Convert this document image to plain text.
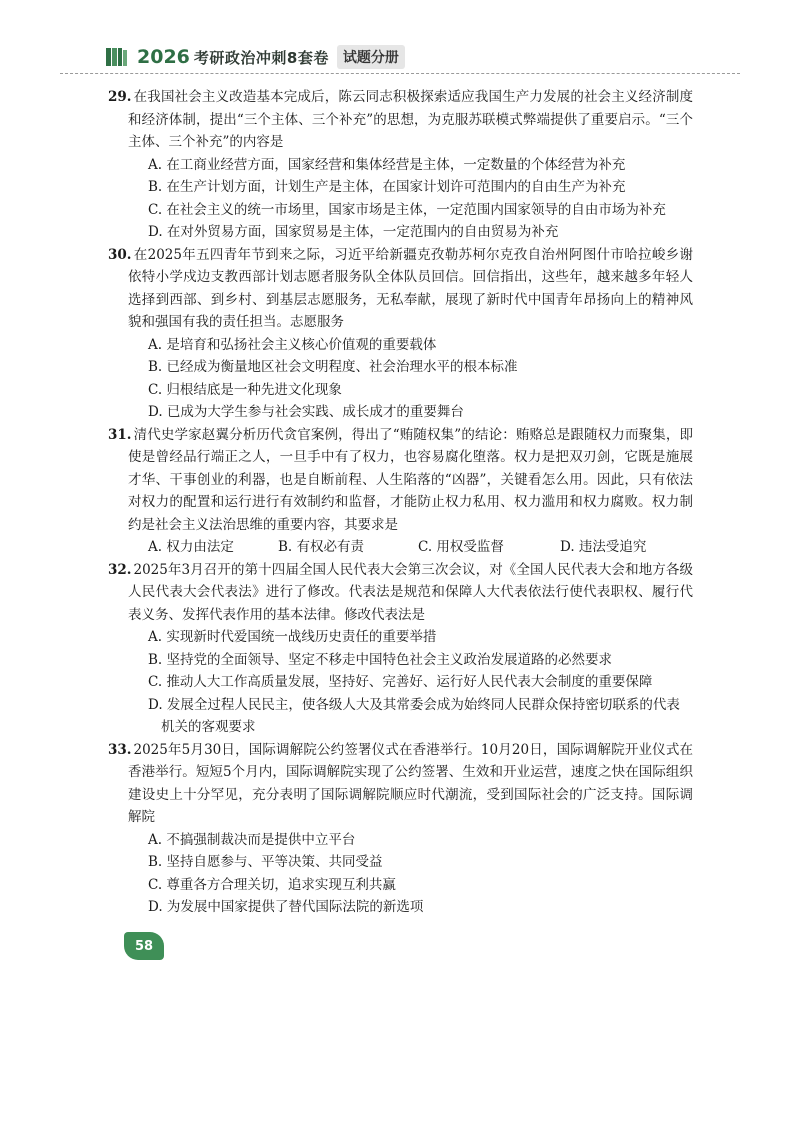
2026 考研政治冲刺8套卷	试题分册
29. 在我国社会主义改造基本完成后，陈云同志积极探索适应我国生产力发展的社会主义经济制度和经济体制，提出“三个主体、三个补充”的思想，为克服苏联模式弊端提供了重要启示。“三个主体、三个补充”的内容是
A. 在工商业经营方面，国家经营和集体经营是主体，一定数量的个体经营为补充
B. 在生产计划方面，计划生产是主体，在国家计划许可范围内的自由生产为补充
C. 在社会主义的统一市场里，国家市场是主体，一定范围内国家领导的自由市场为补充
D. 在对外贸易方面，国家贸易是主体，一定范围内的自由贸易为补充
30. 在2025年五四青年节到来之际，习近平给新疆克孜勒苏柯尔克孜自治州阿图什市哈拉峻乡谢依特小学戍边支教西部计划志愿者服务队全体队员回信。回信指出，这些年，越来越多年轻人选择到西部、到乡村、到基层志愿服务，无私奉献，展现了新时代中国青年昂扬向上的精神风貌和强国有我的责任担当。志愿服务
A. 是培育和弘扬社会主义核心价值观的重要载体
B. 已经成为衡量地区社会文明程度、社会治理水平的根本标准
C. 归根结底是一种先进文化现象
D. 已成为大学生参与社会实践、成长成才的重要舞台
31. 清代史学家赵翼分析历代贪官案例，得出了“贿随权集”的结论：贿赂总是跟随权力而聚集，即使是曾经品行端正之人，一旦手中有了权力，也容易腐化堕落。权力是把双刃剑，它既是施展才华、干事创业的利器，也是自断前程、人生陷落的“凶器”，关键看怎么用。因此，只有依法对权力的配置和运行进行有效制约和监督，才能防止权力私用、权力滥用和权力腐败。权力制约是社会主义法治思维的重要内容，其要求是
A. 权力由法定	B. 有权必有责	C. 用权受监督	D. 违法受追究
32. 2025年3月召开的第十四届全国人民代表大会第三次会议，对《全国人民代表大会和地方各级人民代表大会代表法》进行了修改。代表法是规范和保障人大代表依法行使代表职权、履行代表义务、发挥代表作用的基本法律。修改代表法是
A. 实现新时代爱国统一战线历史责任的重要举措
B. 坚持党的全面领导、坚定不移走中国特色社会主义政治发展道路的必然要求
C. 推动人大工作高质量发展，坚持好、完善好、运行好人民代表大会制度的重要保障
D. 发展全过程人民民主，使各级人大及其常委会成为始终同人民群众保持密切联系的代表
机关的客观要求
33. 2025年5月30日，国际调解院公约签署仪式在香港举行。10月20日，国际调解院开业仪式在香港举行。短短5个月内，国际调解院实现了公约签署、生效和开业运营，速度之快在国际组织建设史上十分罕见，充分表明了国际调解院顺应时代潮流，受到国际社会的广泛支持。国际调解院
A. 不搞强制裁决而是提供中立平台
B. 坚持自愿参与、平等决策、共同受益
C. 尊重各方合理关切，追求实现互利共赢
D. 为发展中国家提供了替代国际法院的新选项
58
